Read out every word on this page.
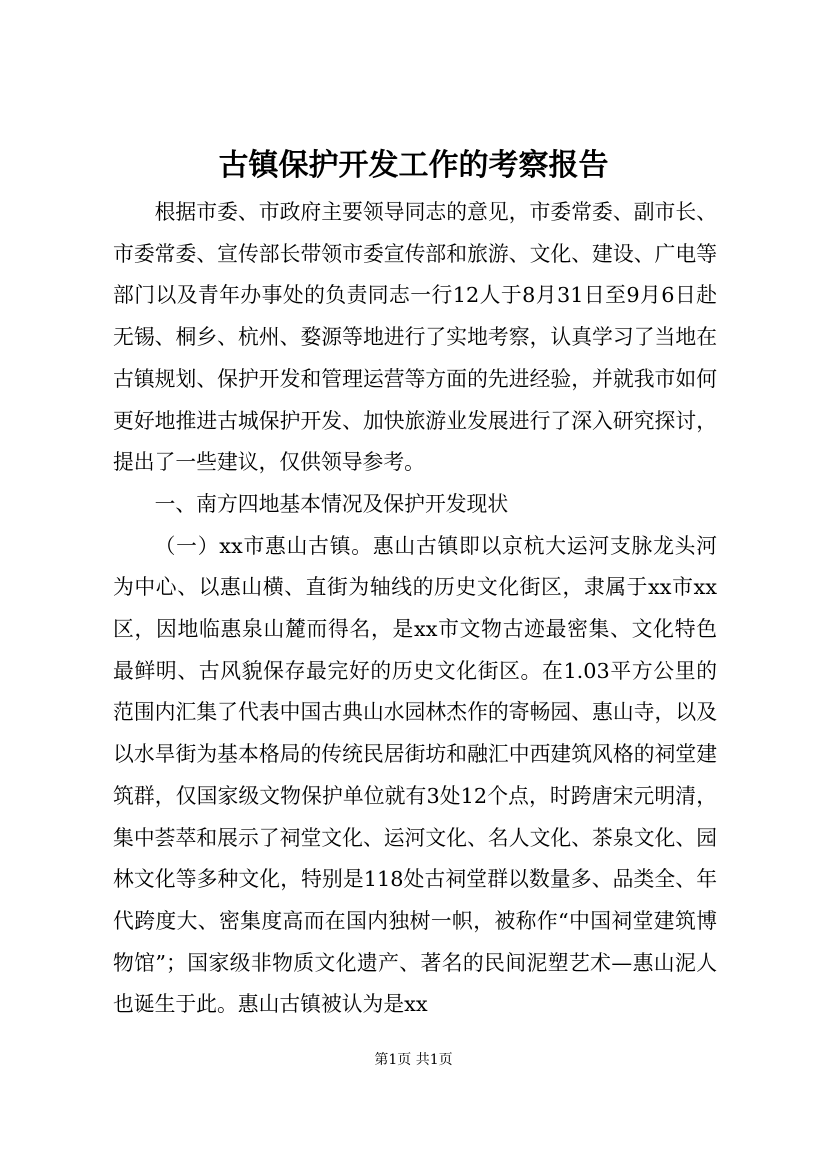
古镇保护开发工作的考察报告

根据市委、市政府主要领导同志的意见，市委常委、副市长、市委常委、宣传部长带领市委宣传部和旅游、文化、建设、广电等部门以及青年办事处的负责同志一行12人于8月31日至9月6日赴无锡、桐乡、杭州、婺源等地进行了实地考察，认真学习了当地在古镇规划、保护开发和管理运营等方面的先进经验，并就我市如何更好地推进古城保护开发、加快旅游业发展进行了深入研究探讨，提出了一些建议，仅供领导参考。

一、南方四地基本情况及保护开发现状

（一）xx市惠山古镇。惠山古镇即以京杭大运河支脉龙头河为中心、以惠山横、直街为轴线的历史文化街区，隶属于xx市xx区，因地临惠泉山麓而得名，是xx市文物古迹最密集、文化特色最鲜明、古风貌保存最完好的历史文化街区。在1.03平方公里的范围内汇集了代表中国古典山水园林杰作的寄畅园、惠山寺，以及以水旱街为基本格局的传统民居街坊和融汇中西建筑风格的祠堂建筑群，仅国家级文物保护单位就有3处12个点，时跨唐宋元明清，集中荟萃和展示了祠堂文化、运河文化、名人文化、茶泉文化、园林文化等多种文化，特别是118处古祠堂群以数量多、品类全、年代跨度大、密集度高而在国内独树一帜，被称作“中国祠堂建筑博物馆”；国家级非物质文化遗产、著名的民间泥塑艺术—惠山泥人也诞生于此。惠山古镇被认为是xx

第1页 共1页
